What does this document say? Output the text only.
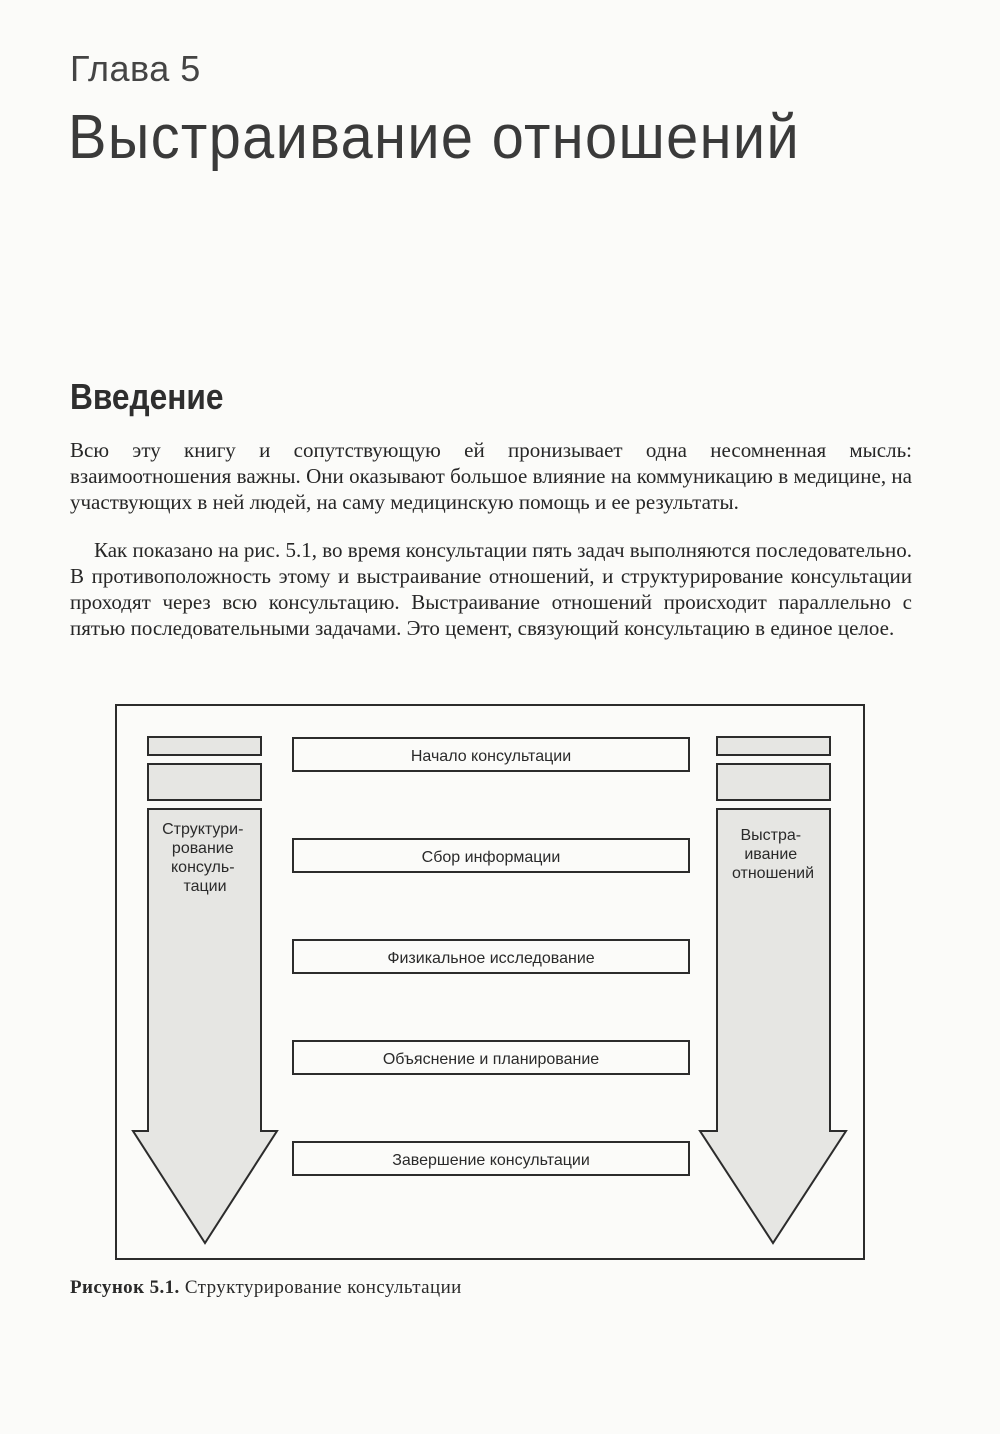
Глава 5
Выстраивание отношений
Введение

Всю эту книгу и сопутствующую ей пронизывает одна несомненная мысль: взаимоотношения важны. Они оказывают большое влияние на коммуникацию в медицине, на участвующих в ней людей, на саму медицинскую помощь и ее результаты.

Как показано на рис. 5.1, во время консультации пять задач выполняются последовательно. В противоположность этому и выстраивание отношений, и структурирование консультации проходят через всю консультацию. Выстраивание отношений происходит параллельно с пятью последовательными задачами. Это цемент, связующий консультацию в единое целое.

Структури- рование консуль- тации
Выстра- ивание отношений
Начало консультации
Сбор информации
Физикальное исследование
Объяснение и планирование
Завершение консультации
Рисунок 5.1. Структурирование консультации
